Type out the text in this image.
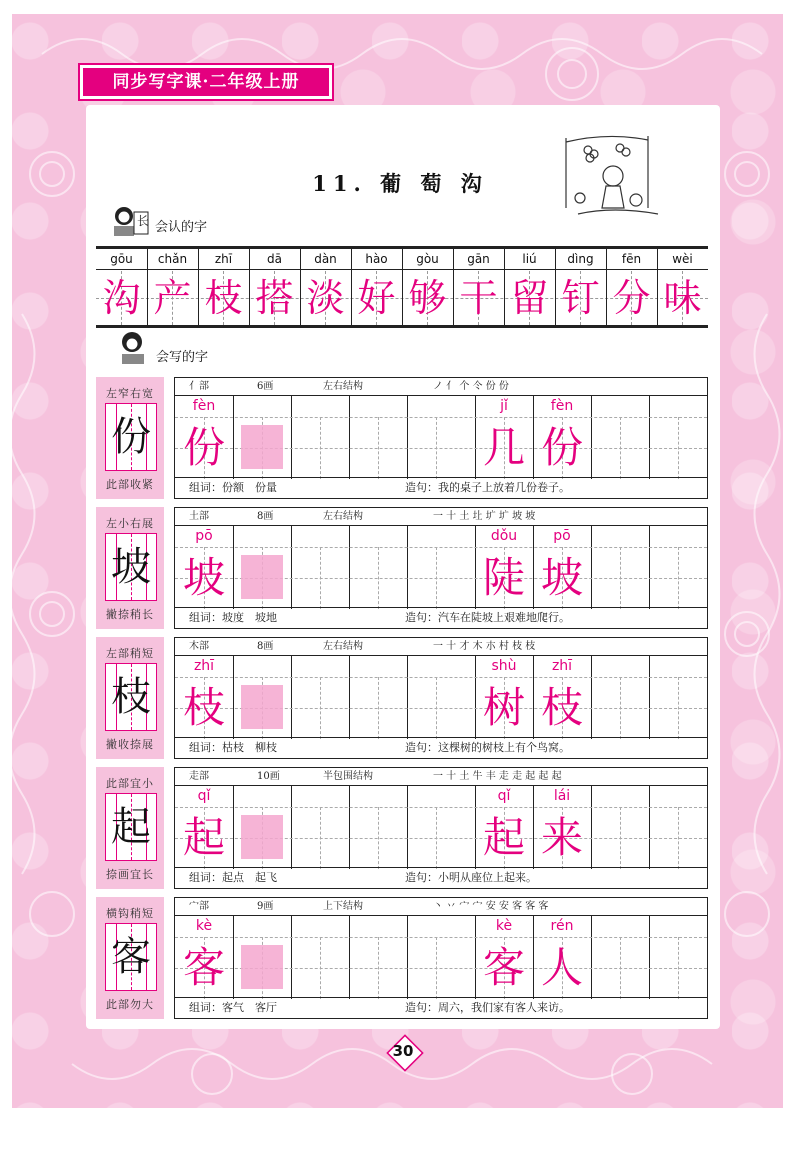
同步写字课·二年级上册
11. 葡 萄 沟
长 会认的字
gōu
沟
chǎn
产
zhī
枝
dā
搭
dàn
淡
hào
好
gòu
够
gān
干
liú
留
dìng
钉
fēn
分
wèi
味
会写的字
左窄右宽
份
此部收紧
亻部	6画	左右结构	ノ 亻 个 仒 份 份
fèn
份
jǐ	fèn
几 份
组词：份额　份量	造句：我的桌子上放着几份卷子。
左小右展
坡
撇捺稍长
土部	8画	左右结构	一 十 土 圵 圹 圹 坡 坡
pō
坡
dǒu	pō
陡 坡
组词：坡度　坡地	造句：汽车在陡坡上艰难地爬行。
左部稍短
枝
撇收捺展
木部	8画	左右结构	一 十 才 木 朩 村 枝 枝
zhī
枝
shù	zhī
树 枝
组词：枯枝　柳枝	造句：这棵树的树枝上有个鸟窝。
此部宜小
起
捺画宜长
走部	10画	半包围结构	一 十 土 牛 丰 走 走 起 起 起
qǐ
起
qǐ	lái
起 来
组词：起点　起飞	造句：小明从座位上起来。
横钩稍短
客
此部勿大
宀部	9画	上下结构	丶 丷 宀 宀 安 安 客 客 客
kè
客
kè	rén
客 人
组词：客气　客厅	造句：周六，我们家有客人来访。
30
